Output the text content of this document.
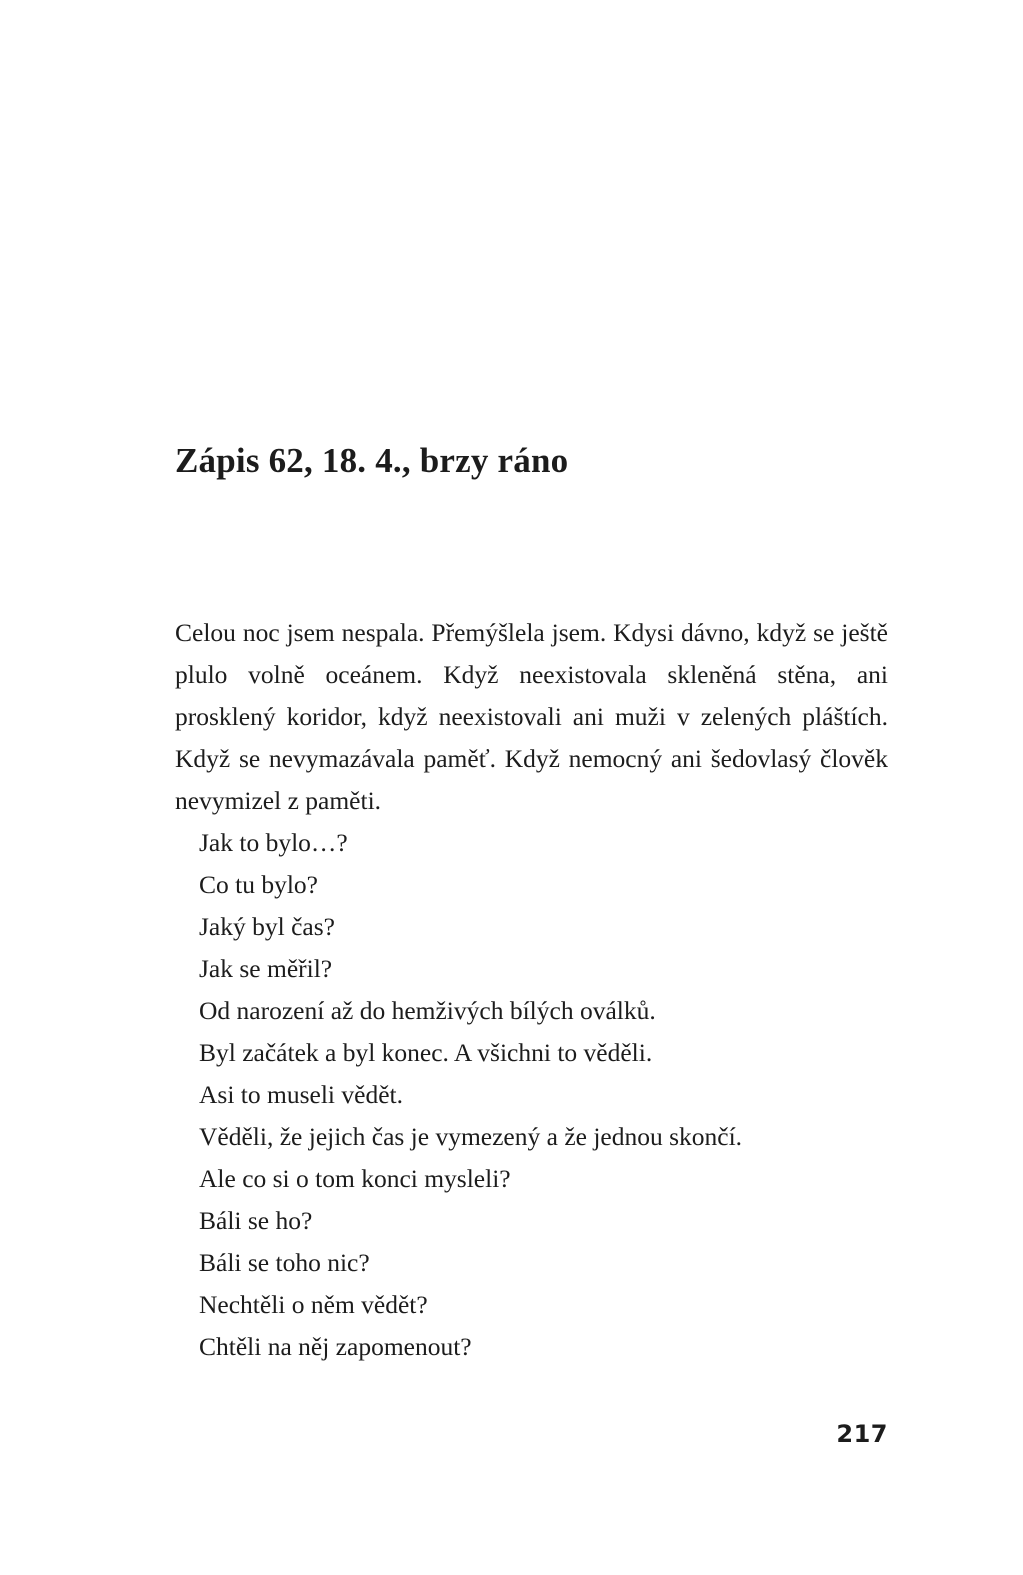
Zápis 62, 18. 4., brzy ráno

Celou noc jsem nespala. Přemýšlela jsem. Kdysi dávno, když se ještě plulo volně oceánem. Když neexistovala skleněná stěna, ani prosklený koridor, když neexistovali ani muži v zelených pláštích. Když se nevymazávala paměť. Když nemocný ani šedovlasý člověk nevymizel z paměti.

Jak to bylo…?

Co tu bylo?

Jaký byl čas?

Jak se měřil?

Od narození až do hemživých bílých oválků.

Byl začátek a byl konec. A všichni to věděli.

Asi to museli vědět.

Věděli, že jejich čas je vymezený a že jednou skončí.

Ale co si o tom konci mysleli?

Báli se ho?

Báli se toho nic?

Nechtěli o něm vědět?

Chtěli na něj zapomenout?

217
